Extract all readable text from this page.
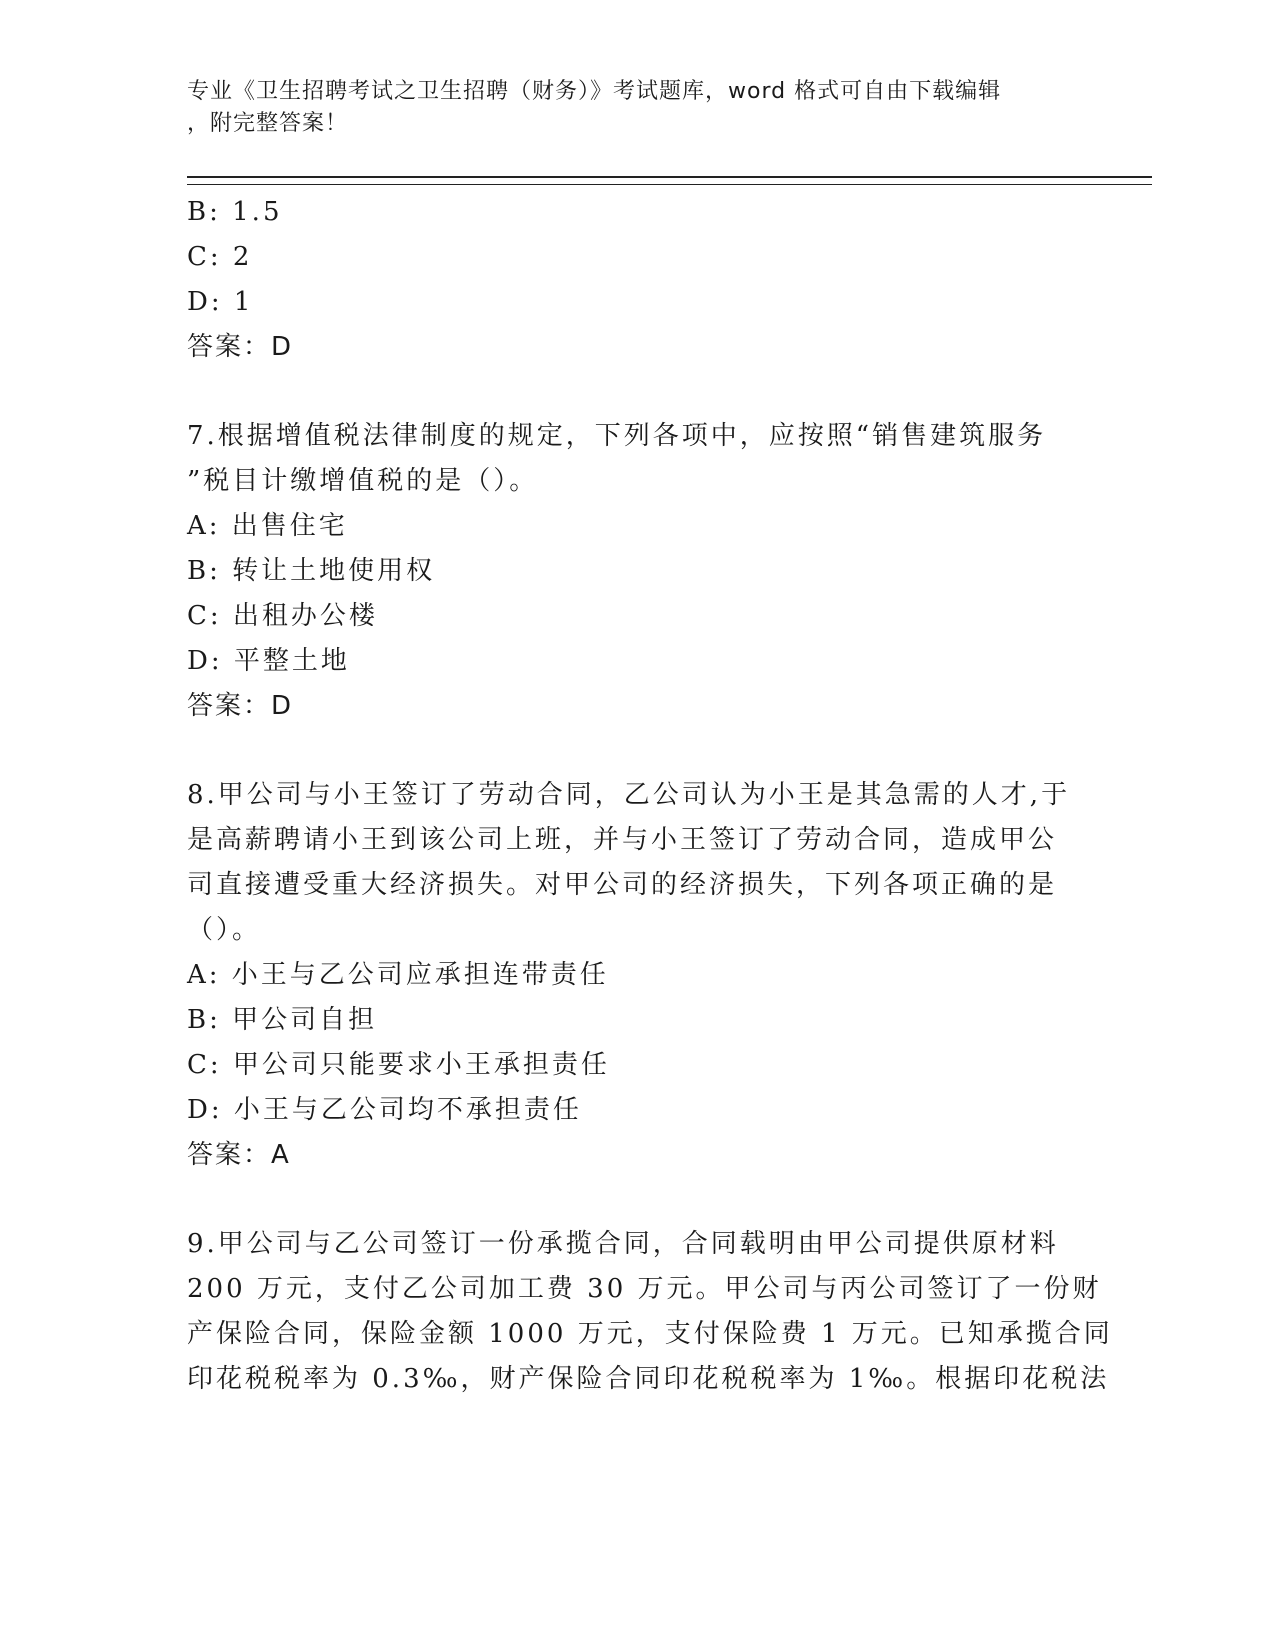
专业《卫生招聘考试之卫生招聘（财务）》考试题库，word 格式可自由下载编辑
，附完整答案！
B: 1.5
C: 2
D: 1
答案：D
7.根据增值税法律制度的规定，下列各项中，应按照“销售建筑服务
”税目计缴增值税的是（）。
A: 出售住宅
B: 转让土地使用权
C: 出租办公楼
D: 平整土地
答案：D
8.甲公司与小王签订了劳动合同，乙公司认为小王是其急需的人才,于
是高薪聘请小王到该公司上班，并与小王签订了劳动合同，造成甲公
司直接遭受重大经济损失。对甲公司的经济损失，下列各项正确的是
（）。
A: 小王与乙公司应承担连带责任
B: 甲公司自担
C: 甲公司只能要求小王承担责任
D: 小王与乙公司均不承担责任
答案：A
9.甲公司与乙公司签订一份承揽合同，合同载明由甲公司提供原材料
200 万元，支付乙公司加工费 30 万元。甲公司与丙公司签订了一份财
产保险合同，保险金额 1000 万元，支付保险费 1 万元。已知承揽合同
印花税税率为 0.3‰，财产保险合同印花税税率为 1‰。根据印花税法
